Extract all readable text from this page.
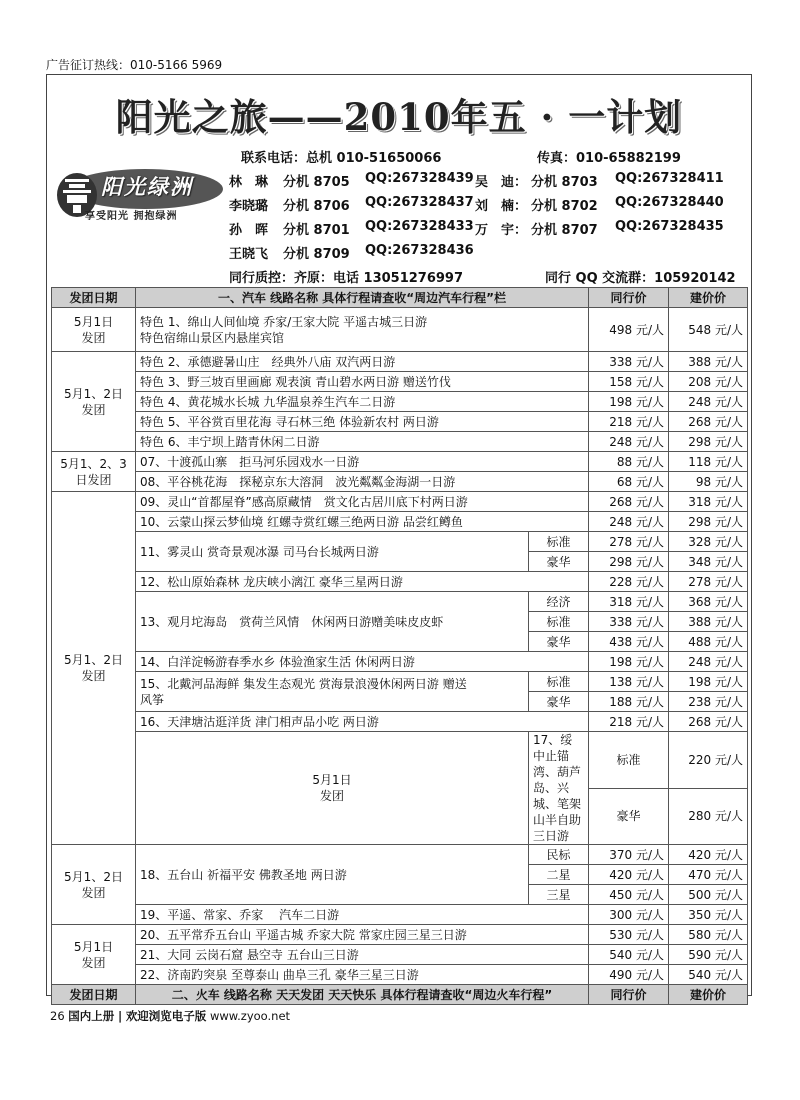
广告征订热线：010-5166 5969
阳光之旅——2010年五 · 一计划
阳光绿洲
享受阳光 拥抱绿洲
联系电话：总机 010-51650066	传真：010-65882199
林　琳 分机 8705 QQ:267328439
李晓璐 分机 8706 QQ:267328437
孙　晖 分机 8701 QQ:267328433
王晓飞 分机 8709 QQ:267328436
吴　迪： 分机 8703 QQ:267328411
刘　楠： 分机 8702 QQ:267328440
万　宇： 分机 8707 QQ:267328435
同行质控：齐原：电话 13051276997	同行 QQ 交流群：105920142
发团日期	一、汽车 线路名称 具体行程请查收“周边汽车行程”栏		同行价	建价价	
5月1日
发团	特色 1、绵山人间仙境 乔家/王家大院 平遥古城三日游
特色宿绵山景区内悬崖宾馆		498 元/人	548 元/人	
5月1、2日
发团	特色 2、承德避暑山庄　经典外八庙 双汽两日游		338 元/人	388 元/人	
	特色 3、野三坡百里画廊 观表演 青山碧水两日游 赠送竹伐		158 元/人	208 元/人	
	特色 4、黄花城水长城 九华温泉养生汽车二日游		198 元/人	248 元/人	
	特色 5、平谷赏百里花海 寻石林三绝 体验新农村 两日游		218 元/人	268 元/人	
	特色 6、丰宁坝上踏青休闲二日游		248 元/人	298 元/人	
5月1、2、3
日发团	07、十渡孤山寨　拒马河乐园戏水一日游		88 元/人	118 元/人	
	08、平谷桃花海　探秘京东大溶洞　波光粼粼金海湖一日游		68 元/人	98 元/人	
5月1、2日
发团	09、灵山“首都屋脊”感高原藏情　赏文化古居川底下村两日游		268 元/人	318 元/人	
	10、云蒙山探云梦仙境 红螺寺赏红螺三绝两日游 品尝红鳟鱼		248 元/人	298 元/人	
	11、雾灵山 赏奇景观冰瀑 司马台长城两日游	标准	278 元/人	328 元/人	
		豪华	298 元/人	348 元/人	
	12、松山原始森林 龙庆峡小漓江 豪华三星两日游		228 元/人	278 元/人	
	13、观月坨海岛　赏荷兰风情　休闲两日游赠美味皮皮虾	经济	318 元/人	368 元/人	
		标准	338 元/人	388 元/人	
		豪华	438 元/人	488 元/人	
	14、白洋淀畅游春季水乡 体验渔家生活 休闲两日游		198 元/人	248 元/人	
	15、北戴河品海鲜 集发生态观光 赏海景浪漫休闲两日游 赠送
风筝	标准	138 元/人	198 元/人	
		豪华	188 元/人	238 元/人	
	16、天津塘沽逛洋货 津门相声品小吃 两日游		218 元/人	268 元/人	
	5月1日
发团	17、绥中止锚湾、葫芦岛、兴城、笔架山半自助三日游	标准	220 元/人	
			豪华	280 元/人	
5月1、2日
发团	18、五台山 祈福平安 佛教圣地 两日游	民标	370 元/人	420 元/人	
		二星	420 元/人	470 元/人	
		三星	450 元/人	500 元/人	
	19、平遥、常家、乔家　 汽车二日游		300 元/人	350 元/人	
5月1日
发团	20、五平常乔五台山 平遥古城 乔家大院 常家庄园三星三日游		530 元/人	580 元/人	
	21、大同 云岗石窟 悬空寺 五台山三日游		540 元/人	590 元/人	
	22、济南趵突泉 至尊泰山 曲阜三孔 豪华三星三日游		490 元/人	540 元/人	
发团日期	二、火车 线路名称 天天发团 天天快乐 具体行程请查收“周边火车行程”		同行价	建价价	
26 国内上册 | 欢迎浏览电子版 www.zyoo.net
